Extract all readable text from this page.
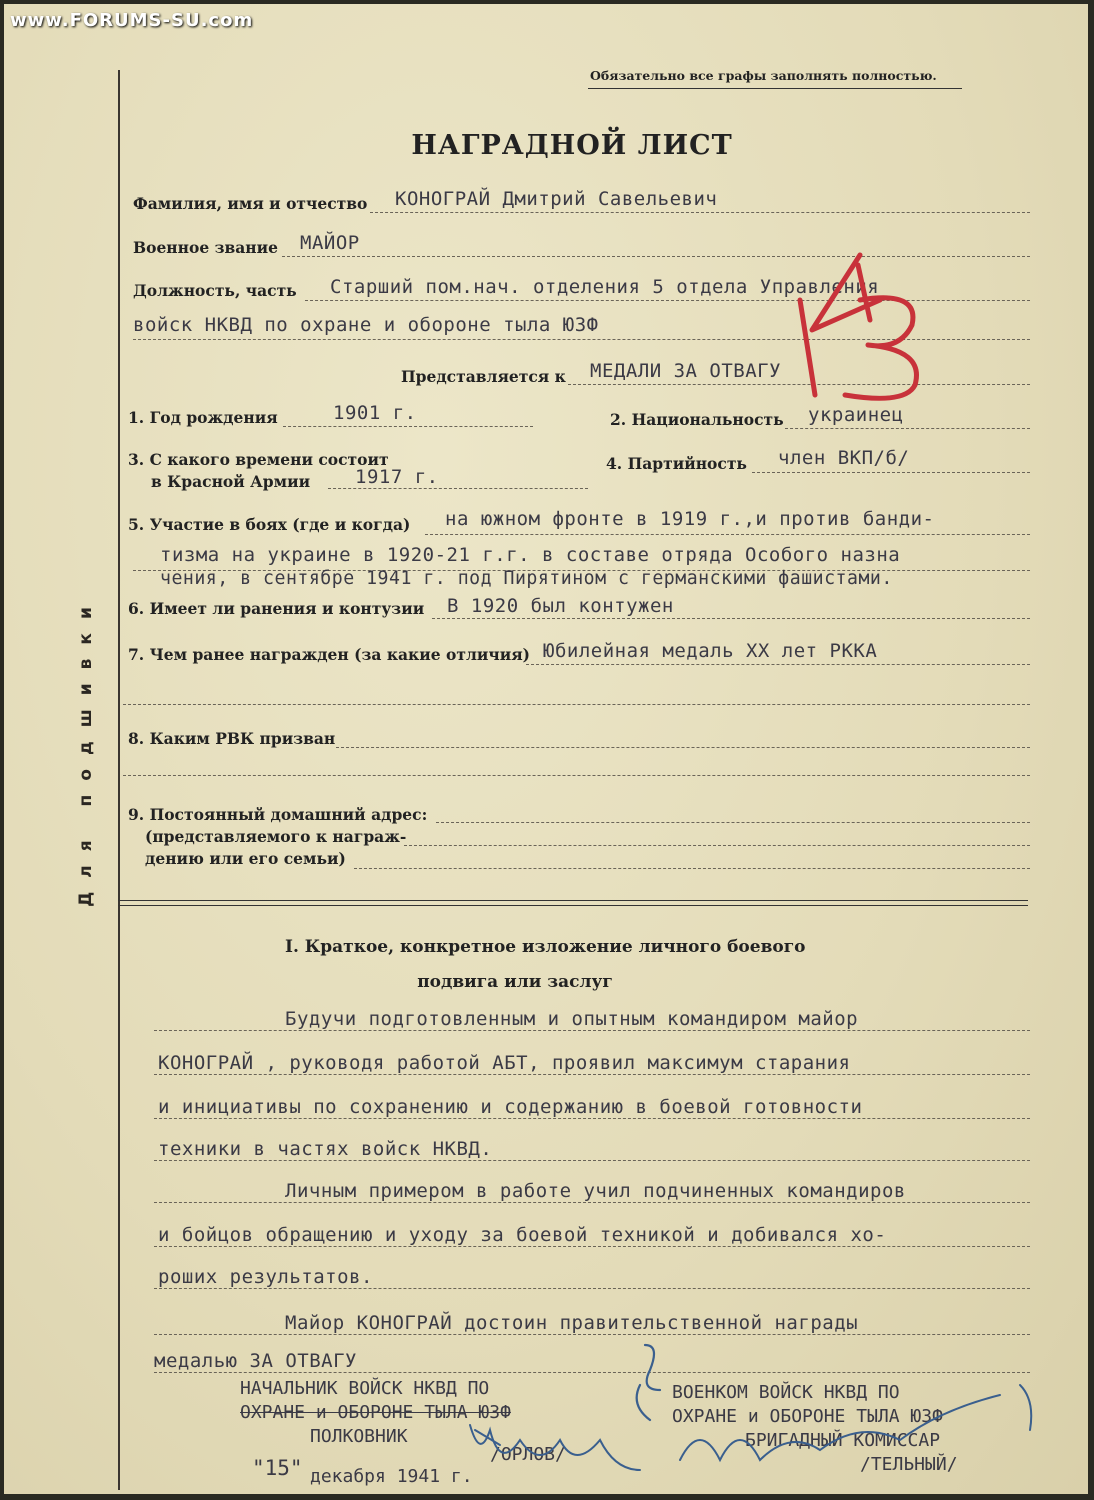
www.FORUMS-SU.com
Для подшивки
Обязательно все графы заполнять полностью.
НАГРАДНОЙ ЛИСТ
Фамилия, имя и отчество КОНОГРАЙ Дмитрий Савельевич
Военное звание МАЙОР
Должность, часть Старший пом.нач. отделения 5 отдела Управления
войск НКВД по охране и обороне тыла ЮЗФ
Представляется к МЕДАЛИ ЗА ОТВАГУ
1. Год рождения	1901 г.	2. Национальность украинец
3. С какого времени состоит
в Красной Армии 1917 г.
4. Партийность член ВКП/б/
5. Участие в боях (где и когда) на южном фронте в 1919 г.,и против банди-
тизма на украине в 1920-21 г.г. в составе отряда Особого назна
чения, в сентябре 1941 г. под Пирятином с германскими фашистами.
6. Имеет ли ранения и контузии В 1920 был контужен
7. Чем ранее награжден (за какие отличия) Юбилейная медаль XX лет РККА
8. Каким РВК призван
9. Постоянный домашний адрес:
(представляемого к награж-
дению или его семьи)
I. Краткое, конкретное изложение личного боевого
подвига или заслуг
Будучи подготовленным и опытным командиром майор
КОНОГРАЙ , руководя работой АБТ, проявил максимум старания
и инициативы по сохранению и содержанию в боевой готовности
техники в частях войск НКВД.
Личным примером в работе учил подчиненных командиров
и бойцов обращению и уходу за боевой техникой и добивался хо-
роших результатов.
Майор КОНОГРАЙ достоин правительственной награды
медалью ЗА ОТВАГУ
НАЧАЛЬНИК ВОЙСК НКВД ПО
ОХРАНЕ и ОБОРОНЕ ТЫЛА ЮЗФ
ПОЛКОВНИК
/ОРЛОВ/
ВОЕНКОМ ВОЙСК НКВД ПО
ОХРАНЕ и ОБОРОНЕ ТЫЛА ЮЗФ
БРИГАДНЫЙ КОМИССАР
/ТЕЛЬНЫЙ/
"15" декабря 1941 г.
